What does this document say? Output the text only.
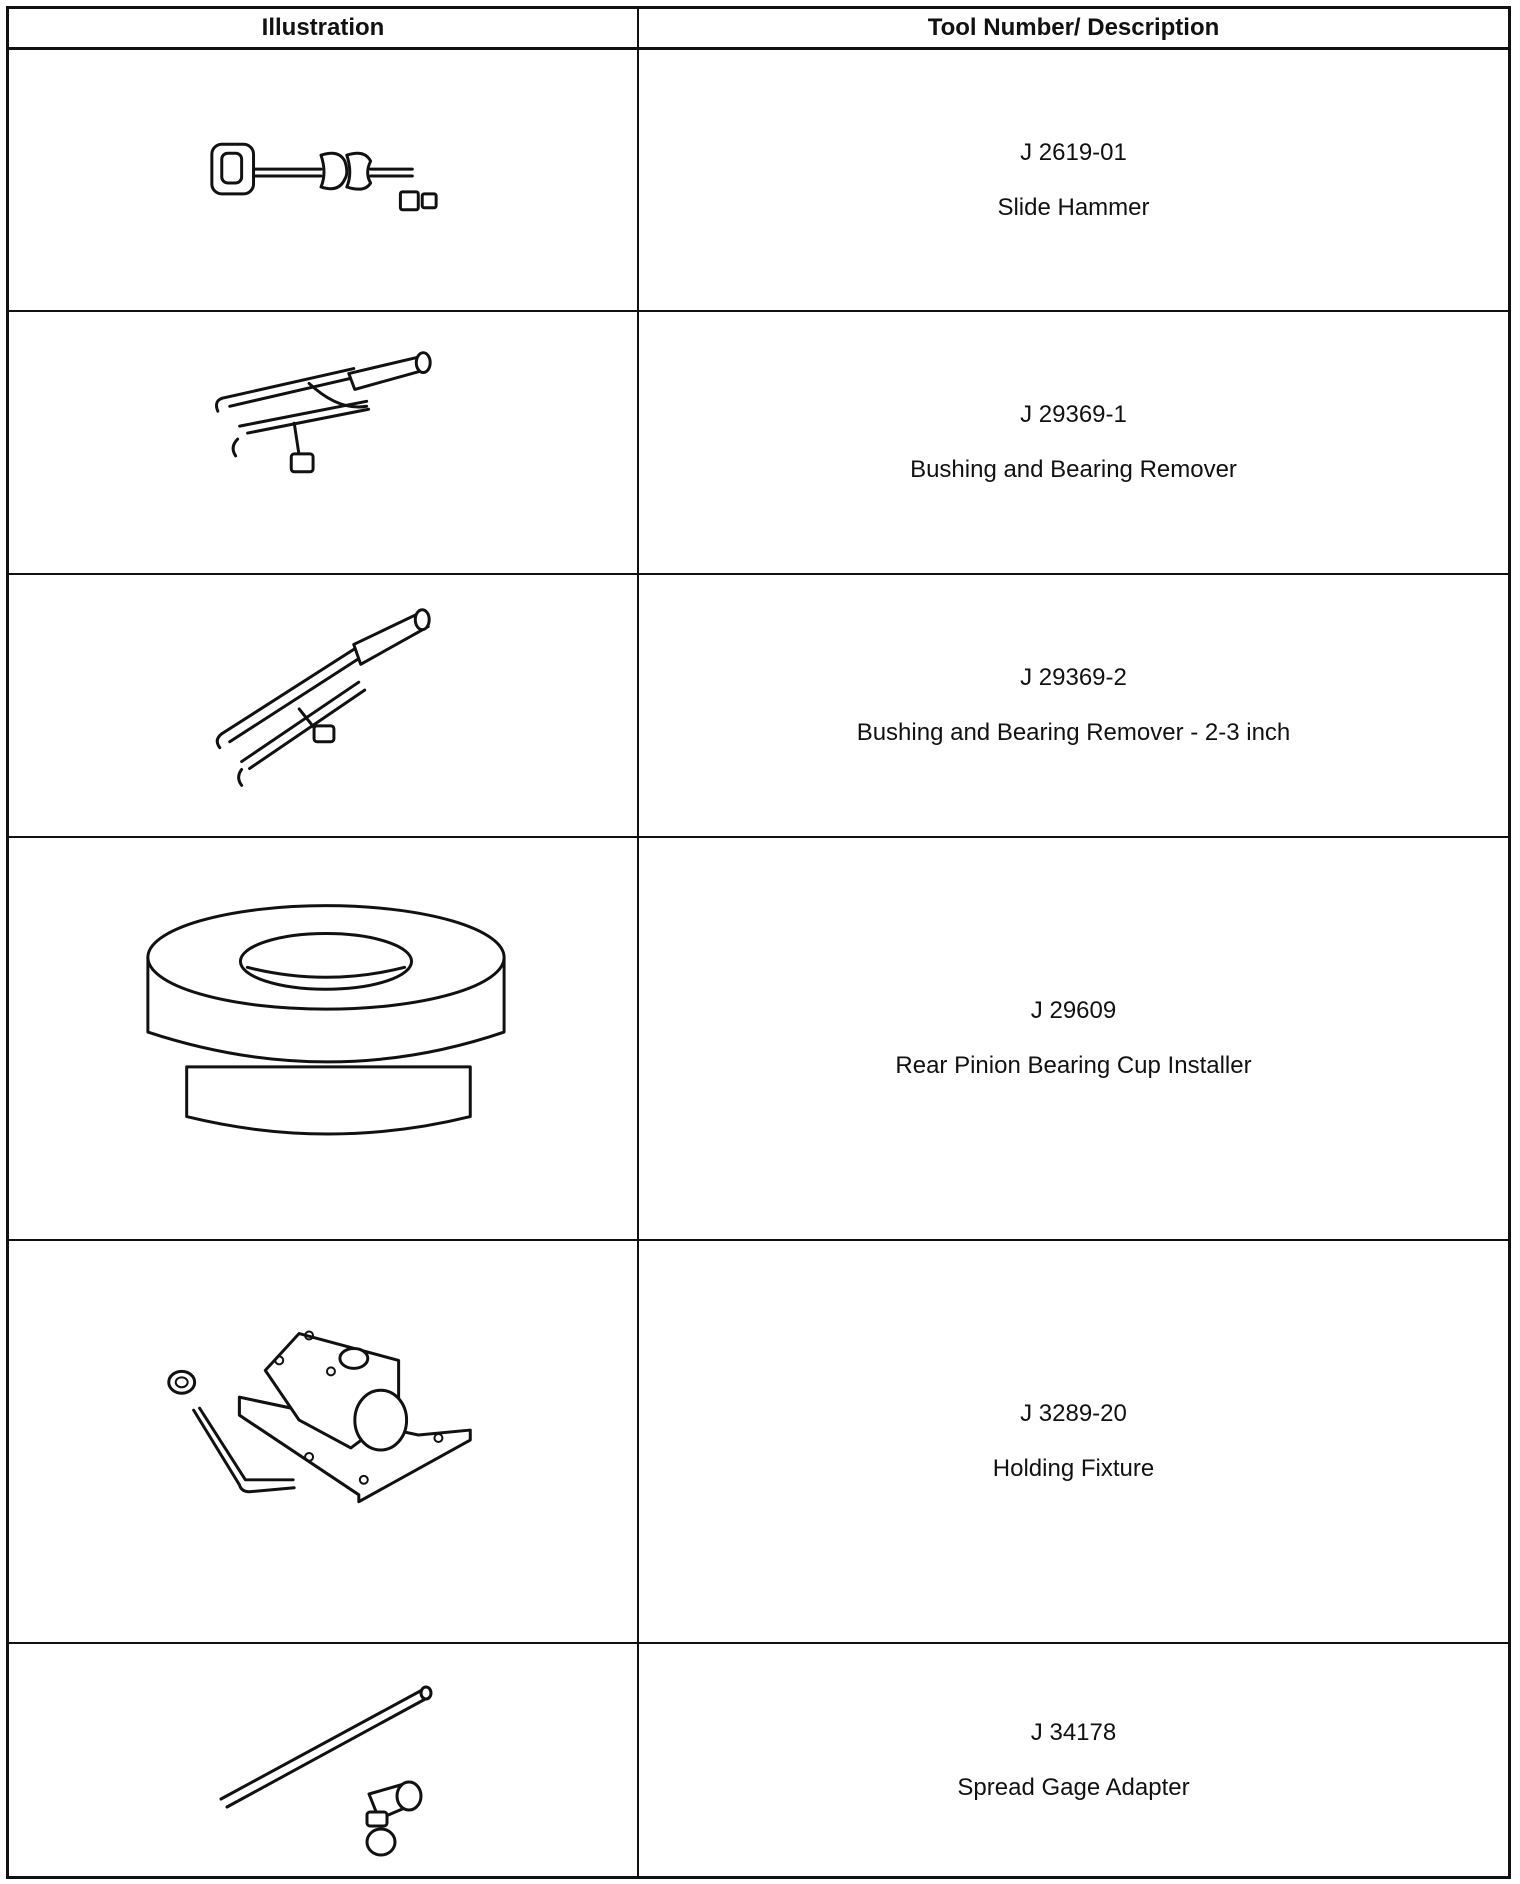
Illustration	Tool Number/ Description
J 2619-01
Slide Hammer
J 29369-1
Bushing and Bearing Remover
J 29369-2
Bushing and Bearing Remover - 2-3 inch
J 29609
Rear Pinion Bearing Cup Installer
J 3289-20
Holding Fixture
J 34178
Spread Gage Adapter
